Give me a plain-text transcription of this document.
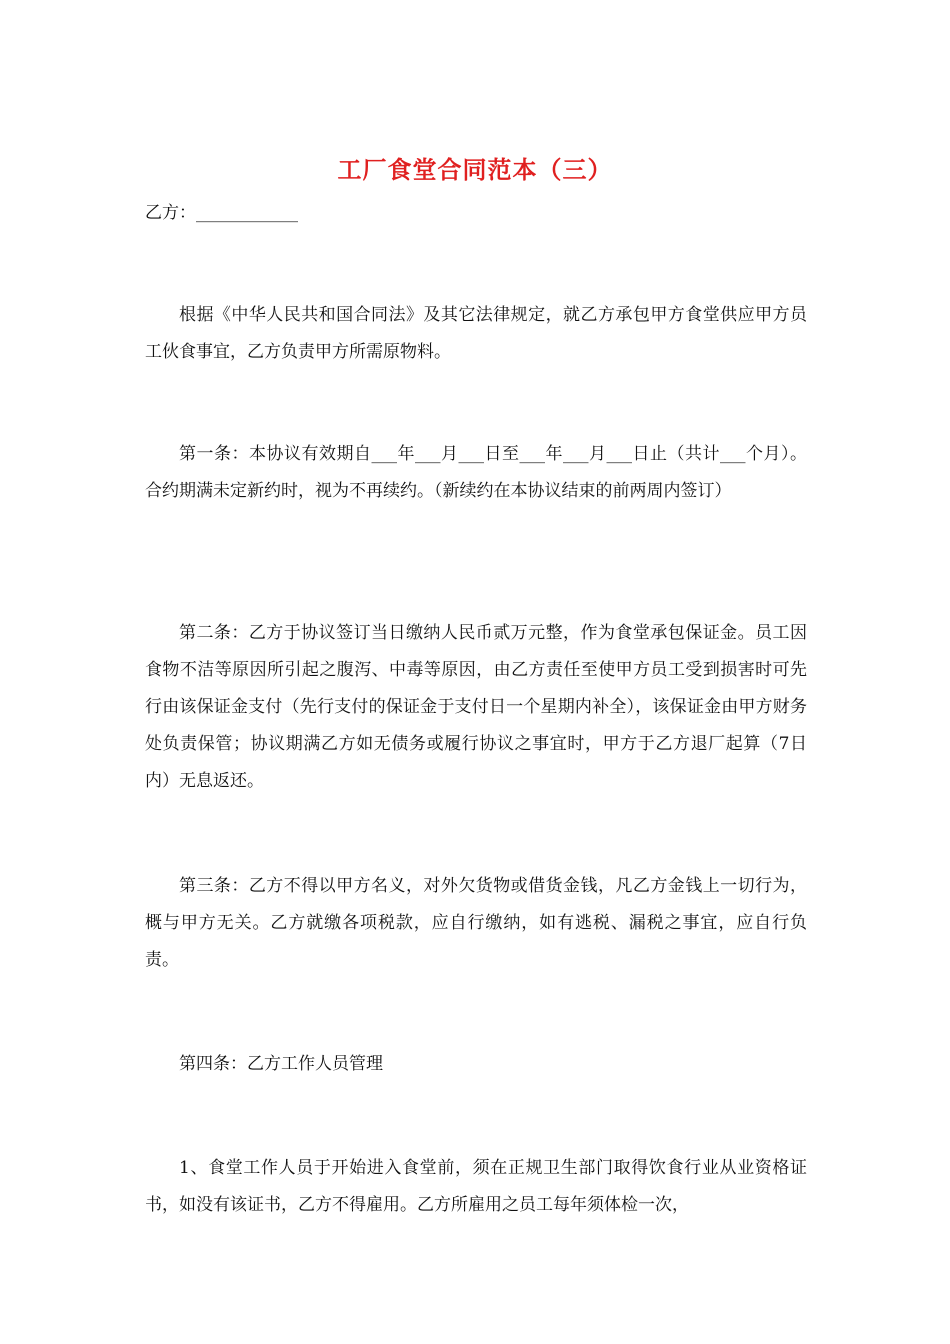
工厂食堂合同范本（三）
乙方：____________

根据《中华人民共和国合同法》及其它法律规定，就乙方承包甲方食堂供应甲方员工伙食事宜，乙方负责甲方所需原物料。

第一条：本协议有效期自___年___月___日至___年___月___日止（共计___个月）。合约期满未定新约时，视为不再续约。（新续约在本协议结束的前两周内签订）

第二条：乙方于协议签订当日缴纳人民币贰万元整，作为食堂承包保证金。员工因食物不洁等原因所引起之腹泻、中毒等原因，由乙方责任至使甲方员工受到损害时可先行由该保证金支付（先行支付的保证金于支付日一个星期内补全），该保证金由甲方财务处负责保管；协议期满乙方如无债务或履行协议之事宜时，甲方于乙方退厂起算（7日内）无息返还。

第三条：乙方不得以甲方名义，对外欠货物或借货金钱，凡乙方金钱上一切行为，概与甲方无关。乙方就缴各项税款，应自行缴纳，如有逃税、漏税之事宜，应自行负责。

第四条：乙方工作人员管理

1、食堂工作人员于开始进入食堂前，须在正规卫生部门取得饮食行业从业资格证书，如没有该证书，乙方不得雇用。乙方所雇用之员工每年须体检一次，
